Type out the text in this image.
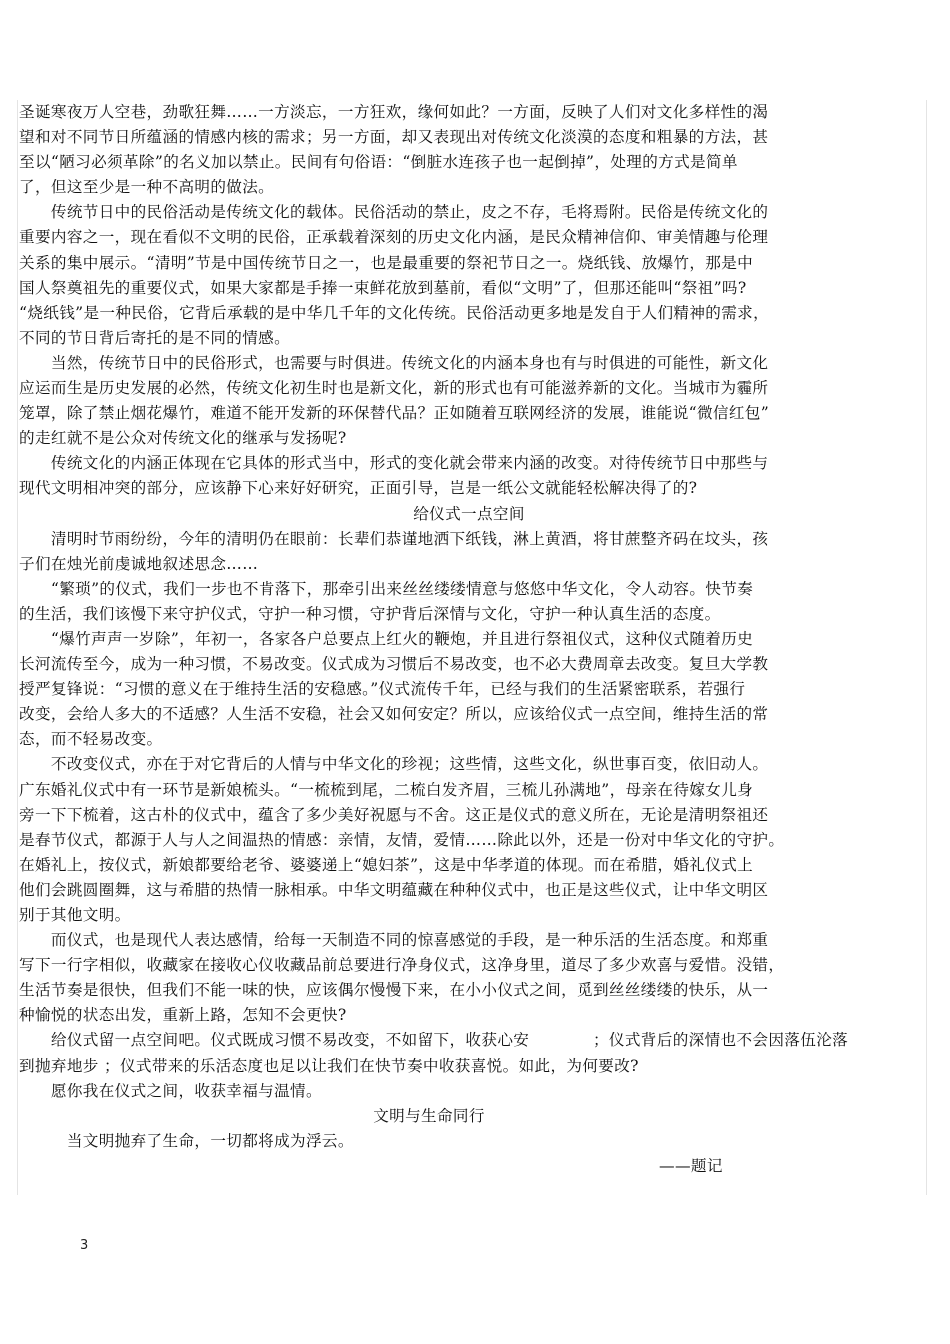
圣诞寒夜万人空巷，劲歌狂舞……一方淡忘，一方狂欢，缘何如此？一方面，反映了人们对文化多样性的渴
望和对不同节日所蕴涵的情感内核的需求；另一方面，却又表现出对传统文化淡漠的态度和粗暴的方法，甚
至以“陋习必须革除”的名义加以禁止。民间有句俗语：“倒脏水连孩子也一起倒掉”，处理的方式是简单
了，但这至少是一种不高明的做法。
　　传统节日中的民俗活动是传统文化的载体。民俗活动的禁止，皮之不存，毛将焉附。民俗是传统文化的
重要内容之一，现在看似不文明的民俗，正承载着深刻的历史文化内涵，是民众精神信仰、审美情趣与伦理
关系的集中展示。“清明”节是中国传统节日之一，也是最重要的祭祀节日之一。烧纸钱、放爆竹，那是中
国人祭奠祖先的重要仪式，如果大家都是手捧一束鲜花放到墓前，看似“文明”了，但那还能叫“祭祖”吗?
“烧纸钱”是一种民俗，它背后承载的是中华几千年的文化传统。民俗活动更多地是发自于人们精神的需求，
不同的节日背后寄托的是不同的情感。
　　当然，传统节日中的民俗形式，也需要与时俱进。传统文化的内涵本身也有与时俱进的可能性，新文化
应运而生是历史发展的必然，传统文化初生时也是新文化，新的形式也有可能滋养新的文化。当城市为霾所
笼罩，除了禁止烟花爆竹，难道不能开发新的环保替代品？正如随着互联网经济的发展，谁能说“微信红包”
的走红就不是公众对传统文化的继承与发扬呢?
　　传统文化的内涵正体现在它具体的形式当中，形式的变化就会带来内涵的改变。对待传统节日中那些与
现代文明相冲突的部分，应该静下心来好好研究，正面引导，岂是一纸公文就能轻松解决得了的?
给仪式一点空间
　　清明时节雨纷纷，今年的清明仍在眼前：长辈们恭谨地洒下纸钱，淋上黄酒，将甘蔗整齐码在坟头，孩
子们在烛光前虔诚地叙述思念……
　　“繁琐”的仪式，我们一步也不肯落下，那牵引出来丝丝缕缕情意与悠悠中华文化，令人动容。快节奏
的生活，我们该慢下来守护仪式，守护一种习惯，守护背后深情与文化，守护一种认真生活的态度。
　　“爆竹声声一岁除”，年初一，各家各户总要点上红火的鞭炮，并且进行祭祖仪式，这种仪式随着历史
长河流传至今，成为一种习惯，不易改变。仪式成为习惯后不易改变，也不必大费周章去改变。复旦大学教
授严复锋说：“习惯的意义在于维持生活的安稳感。”仪式流传千年，已经与我们的生活紧密联系，若强行
改变，会给人多大的不适感？人生活不安稳，社会又如何安定？所以，应该给仪式一点空间，维持生活的常
态，而不轻易改变。
　　不改变仪式，亦在于对它背后的人情与中华文化的珍视；这些情，这些文化，纵世事百变，依旧动人。
广东婚礼仪式中有一环节是新娘梳头。“一梳梳到尾，二梳白发齐眉，三梳儿孙满地”，母亲在待嫁女儿身
旁一下下梳着，这古朴的仪式中，蕴含了多少美好祝愿与不舍。这正是仪式的意义所在，无论是清明祭祖还
是春节仪式，都源于人与人之间温热的情感：亲情，友情，爱情……除此以外，还是一份对中华文化的守护。
在婚礼上，按仪式，新娘都要给老爷、婆婆递上“媳妇茶”，这是中华孝道的体现。而在希腊，婚礼仪式上
他们会跳圆圈舞，这与希腊的热情一脉相承。中华文明蕴藏在种种仪式中，也正是这些仪式，让中华文明区
别于其他文明。
　　而仪式，也是现代人表达感情，给每一天制造不同的惊喜感觉的手段，是一种乐活的生活态度。和郑重
写下一行字相似，收藏家在接收心仪收藏品前总要进行净身仪式，这净身里，道尽了多少欢喜与爱惜。没错，
生活节奏是很快，但我们不能一味的快，应该偶尔慢慢下来，在小小仪式之间，觅到丝丝缕缕的快乐，从一
种愉悦的状态出发，重新上路，怎知不会更快?
　　给仪式留一点空间吧。仪式既成习惯不易改变，不如留下，收获心安　　　　；仪式背后的深情也不会因落伍沦落
到抛弃地步 ；仪式带来的乐活态度也足以让我们在快节奏中收获喜悦。如此，为何要改?
　　愿你我在仪式之间，收获幸福与温情。
文明与生命同行
　　　当文明抛弃了生命，一切都将成为浮云。
——题记
3
